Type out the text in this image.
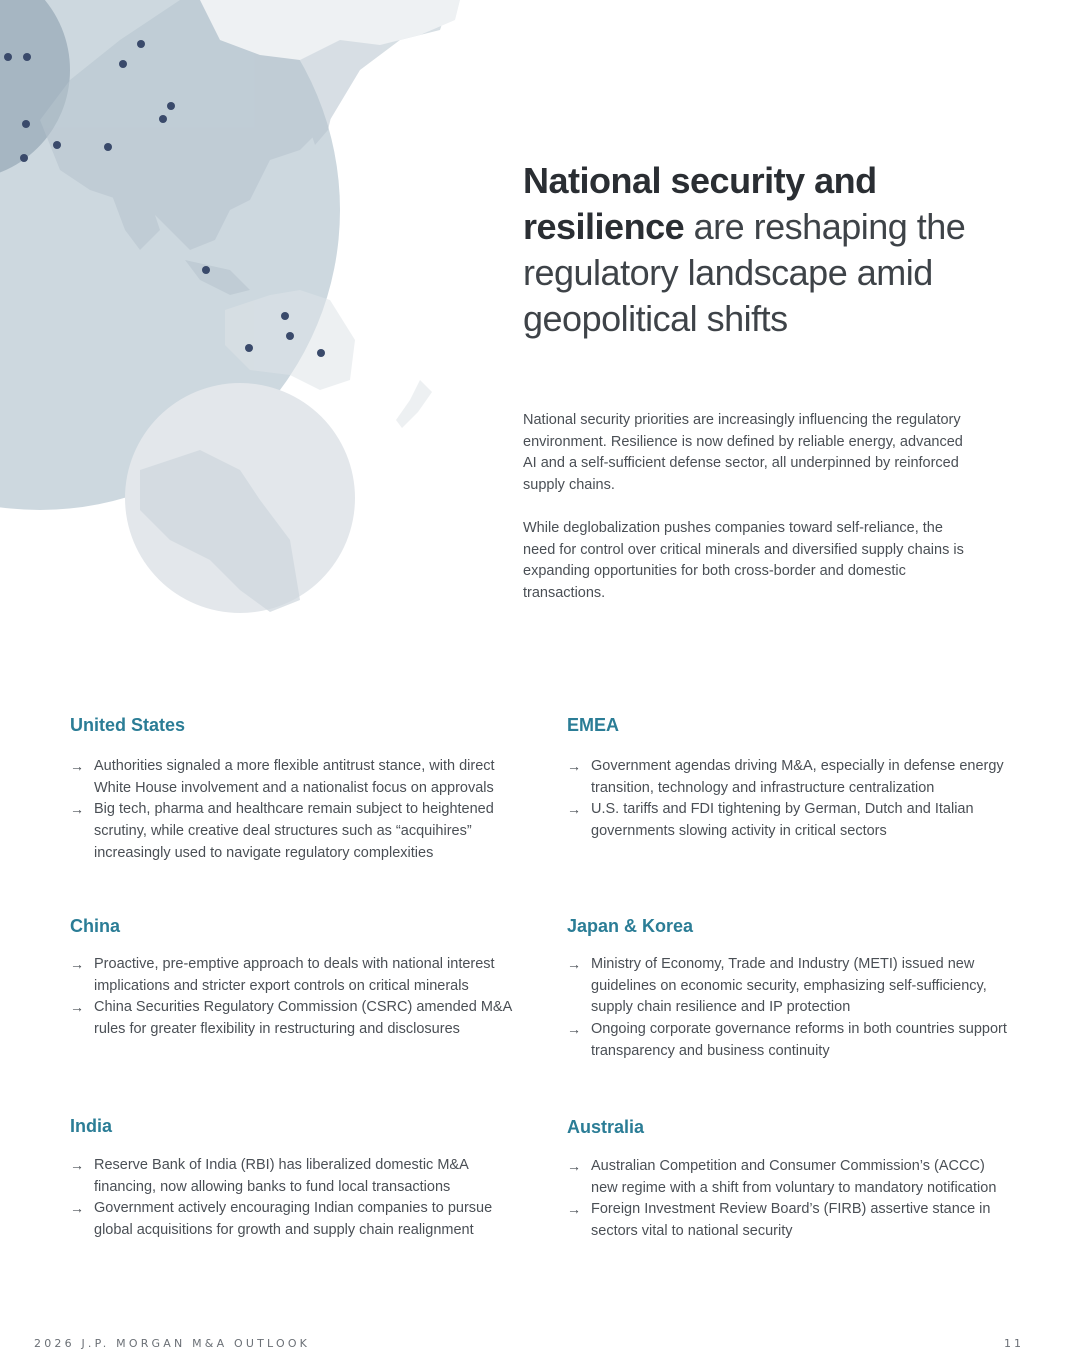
National security and
resilience are reshaping the regulatory landscape amid geopolitical shifts

National security priorities are increasingly influencing the regulatory environment. Resilience is now defined by reliable energy, advanced AI and a self-sufficient defense sector, all underpinned by reinforced supply chains.

While deglobalization pushes companies toward self-reliance, the need for control over critical minerals and diversified supply chains is expanding opportunities for both cross-border and domestic transactions.

United States
→ Authorities signaled a more flexible antitrust stance, with direct White House involvement and a nationalist focus on approvals
→ Big tech, pharma and healthcare remain subject to heightened scrutiny, while creative deal structures such as “acquihires” increasingly used to navigate regulatory complexities
EMEA
→ Government agendas driving M&A, especially in defense energy transition, technology and infrastructure centralization
→ U.S. tariffs and FDI tightening by German, Dutch and Italian governments slowing activity in critical sectors
China
→ Proactive, pre-emptive approach to deals with national interest implications and stricter export controls on critical minerals
→ China Securities Regulatory Commission (CSRC) amended M&A rules for greater flexibility in restructuring and disclosures
Japan & Korea
→ Ministry of Economy, Trade and Industry (METI) issued new guidelines on economic security, emphasizing self-sufficiency, supply chain resilience and IP protection
→ Ongoing corporate governance reforms in both countries support transparency and business continuity
India
→ Reserve Bank of India (RBI) has liberalized domestic M&A financing, now allowing banks to fund local transactions
→ Government actively encouraging Indian companies to pursue global acquisitions for growth and supply chain realignment
Australia
→ Australian Competition and Consumer Commission’s (ACCC) new regime with a shift from voluntary to mandatory notification
→ Foreign Investment Review Board’s (FIRB) assertive stance in sectors vital to national security
2026 J.P. MORGAN M&A OUTLOOK	11
